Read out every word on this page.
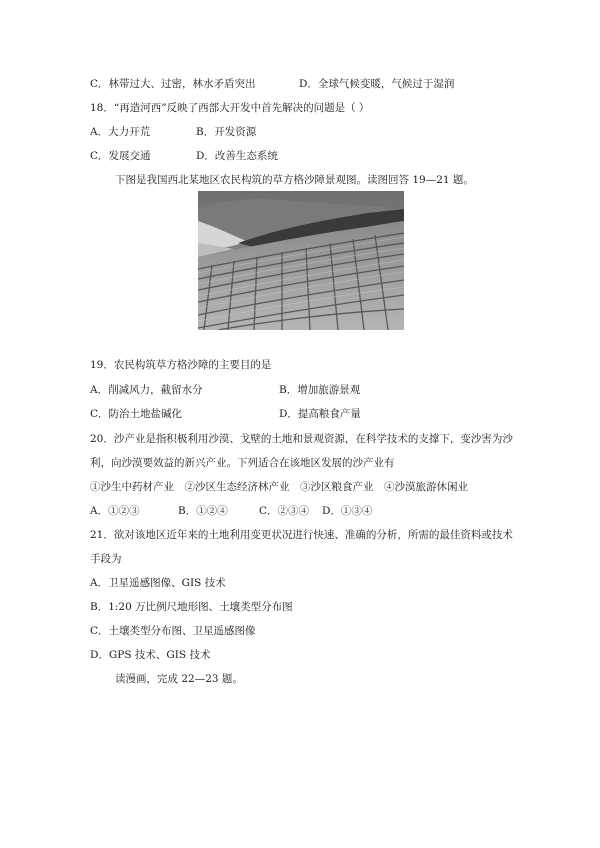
C．林带过大、过密，林水矛盾突出	D．全球气候变暖，气候过于湿润
18．“再造河西”反映了西部大开发中首先解决的问题是（ ）
A．大力开荒	B．开发资源
C．发展交通	D．改善生态系统
下图是我国西北某地区农民构筑的草方格沙障景观图。读图回答 19—21 题。
19．农民构筑草方格沙障的主要目的是
A．削减风力，截留水分	B．增加旅游景观
C．防治土地盐碱化	D．提高粮食产量
20．沙产业是指积极利用沙漠、戈壁的土地和景观资源，在科学技术的支撑下，变沙害为沙
利，向沙漠要效益的新兴产业。下列适合在该地区发展的沙产业有
①沙生中药材产业　②沙区生态经济林产业　③沙区粮食产业　④沙漠旅游休闲业
A．①②③	B．①②④	C．②③④ D．①③④
21．欲对该地区近年来的土地利用变更状况进行快速、准确的分析，所需的最佳资料或技术
手段为
A．卫星遥感图像、GIS 技术
B．1:20 万比例尺地形图、土壤类型分布图
C．土壤类型分布图、卫星遥感图像
D．GPS 技术、GIS 技术
读漫画，完成 22—23 题。
